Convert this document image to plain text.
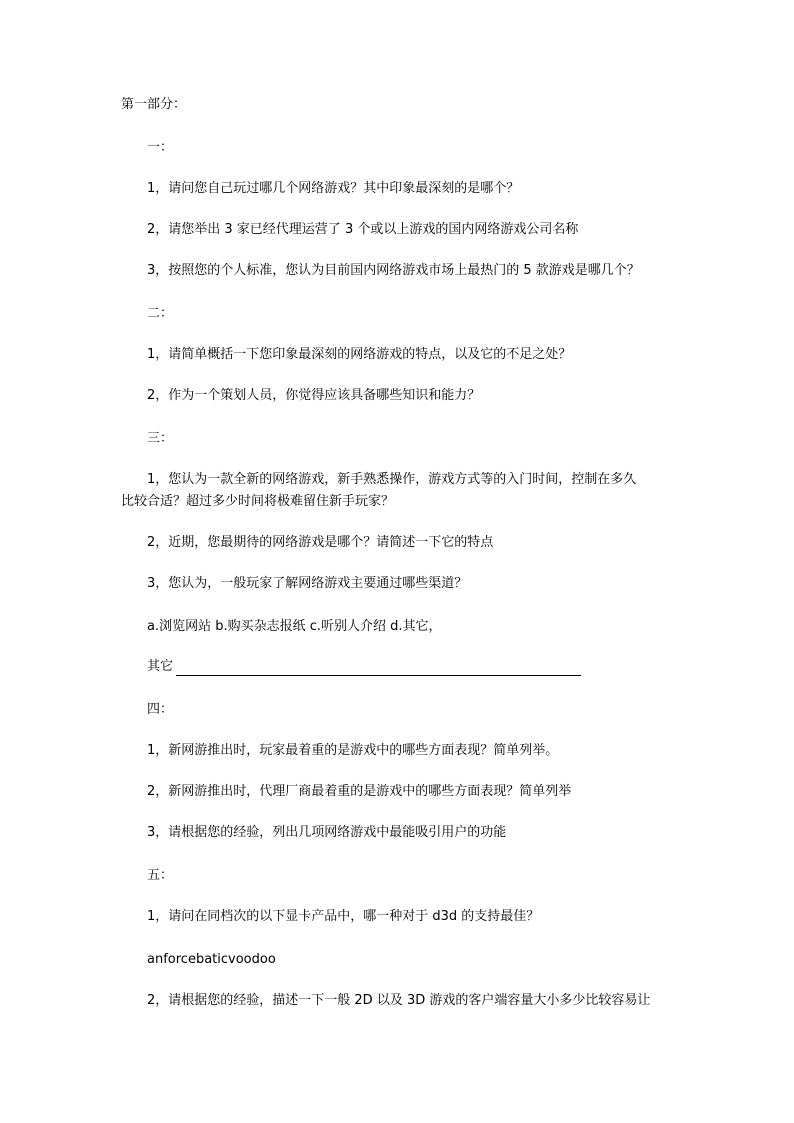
第一部分：
一：
1，请问您自己玩过哪几个网络游戏？其中印象最深刻的是哪个？
2，请您举出 3 家已经代理运营了 3 个或以上游戏的国内网络游戏公司名称
3，按照您的个人标准，您认为目前国内网络游戏市场上最热门的 5 款游戏是哪几个？
二：
1，请简单概括一下您印象最深刻的网络游戏的特点，以及它的不足之处？
2，作为一个策划人员，你觉得应该具备哪些知识和能力？
三：
1，您认为一款全新的网络游戏，新手熟悉操作，游戏方式等的入门时间，控制在多久
比较合适？超过多少时间将极难留住新手玩家？
2，近期，您最期待的网络游戏是哪个？请简述一下它的特点
3，您认为，一般玩家了解网络游戏主要通过哪些渠道？
a.浏览网站 b.购买杂志报纸 c.听别人介绍 d.其它，
其它
四：
1，新网游推出时，玩家最着重的是游戏中的哪些方面表现？简单列举。
2，新网游推出时，代理厂商最着重的是游戏中的哪些方面表现？简单列举
3，请根据您的经验，列出几项网络游戏中最能吸引用户的功能
五：
1，请问在同档次的以下显卡产品中，哪一种对于 d3d 的支持最佳？
anforcebaticvoodoo
2，请根据您的经验，描述一下一般 2D 以及 3D 游戏的客户端容量大小多少比较容易让
